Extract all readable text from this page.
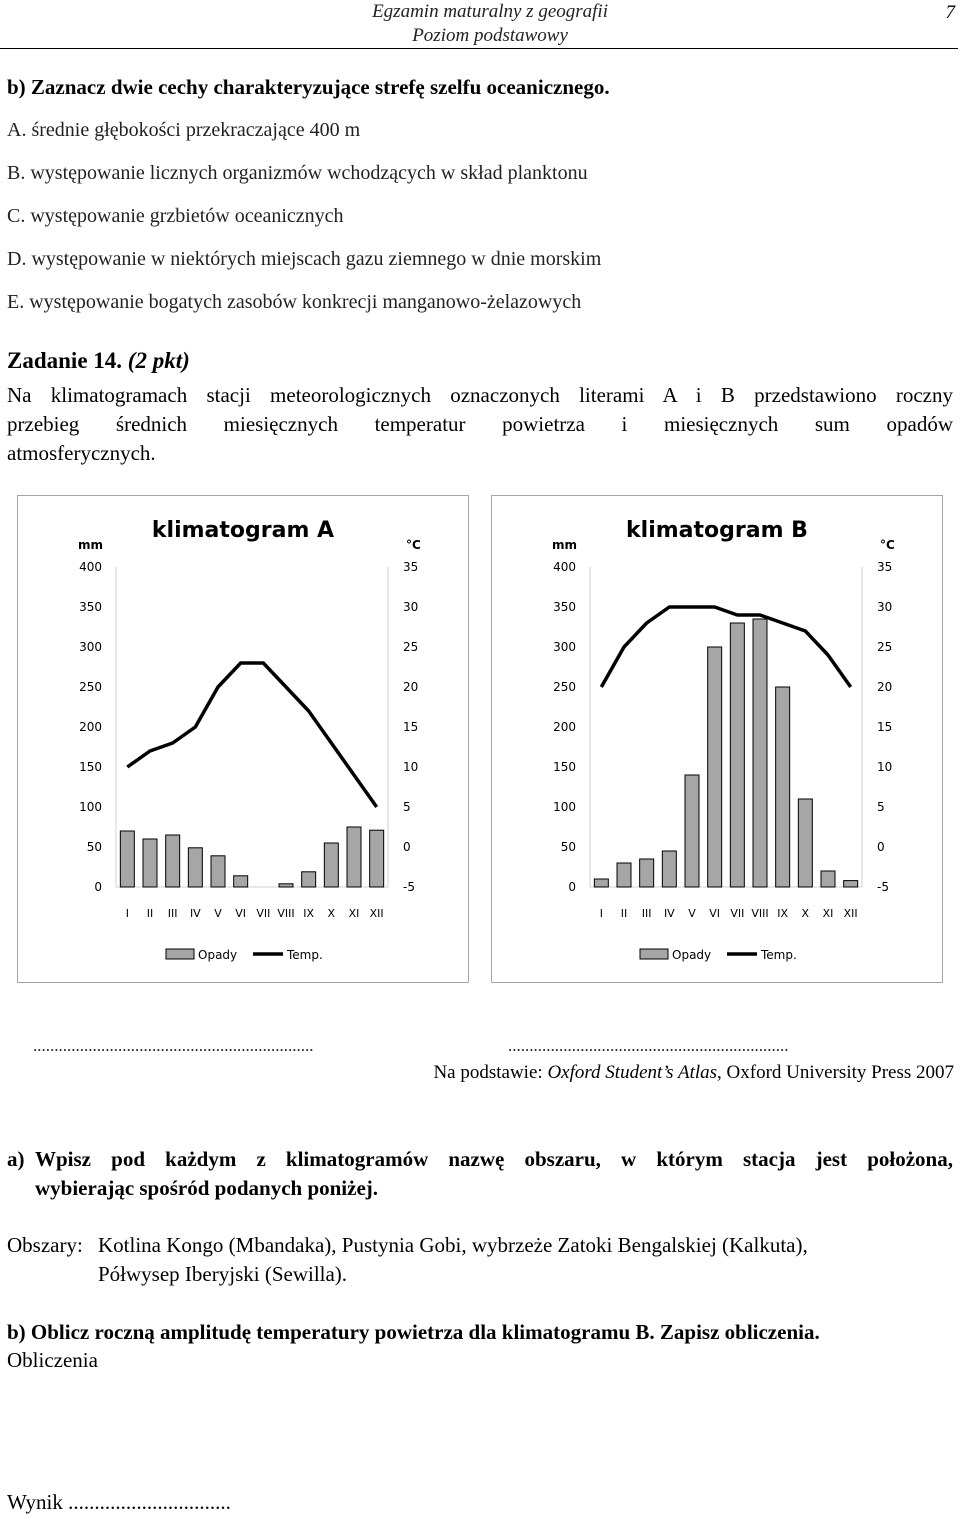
Egzamin maturalny z geografii
Poziom podstawowy
7
b) Zaznacz dwie cechy charakteryzujące strefę szelfu oceanicznego.
A. średnie głębokości przekraczające 400 m
B. występowanie licznych organizmów wchodzących w skład planktonu
C. występowanie grzbietów oceanicznych
D. występowanie w niektórych miejscach gazu ziemnego w dnie morskim
E. występowanie bogatych zasobów konkrecji manganowo-żelazowych
Zadanie 14. (2 pkt)
Na klimatogramach stacji meteorologicznych oznaczonych literami A i B przedstawiono roczny
przebieg średnich miesięcznych temperatur powietrza i miesięcznych sum opadów
atmosferycznych.
klimatogram A
mm	°C
400
350
300
250
200
150
100
50
0
35
30
25
20
15
10
5
0
-5
I II III IV V VI VII VIII IX X XI XII
Opady	Temp.
klimatogram B
mm	°C
400
350
300
250
200
150
100
50
0
35
30
25
20
15
10
5
0
-5
I II III IV V VI VII VIII IX X XI XII
Opady	Temp.
..................................................................	..................................................................
Na podstawie: Oxford Student’s Atlas, Oxford University Press 2007
a) Wpisz pod każdym z klimatogramów nazwę obszaru, w którym stacja jest położona,
wybierając spośród podanych poniżej.
Obszary: Kotlina Kongo (Mbandaka), Pustynia Gobi, wybrzeże Zatoki Bengalskiej (Kalkuta),
Półwysep Iberyjski (Sewilla).
b) Oblicz roczną amplitudę temperatury powietrza dla klimatogramu B. Zapisz obliczenia.
Obliczenia
Wynik ...............................
